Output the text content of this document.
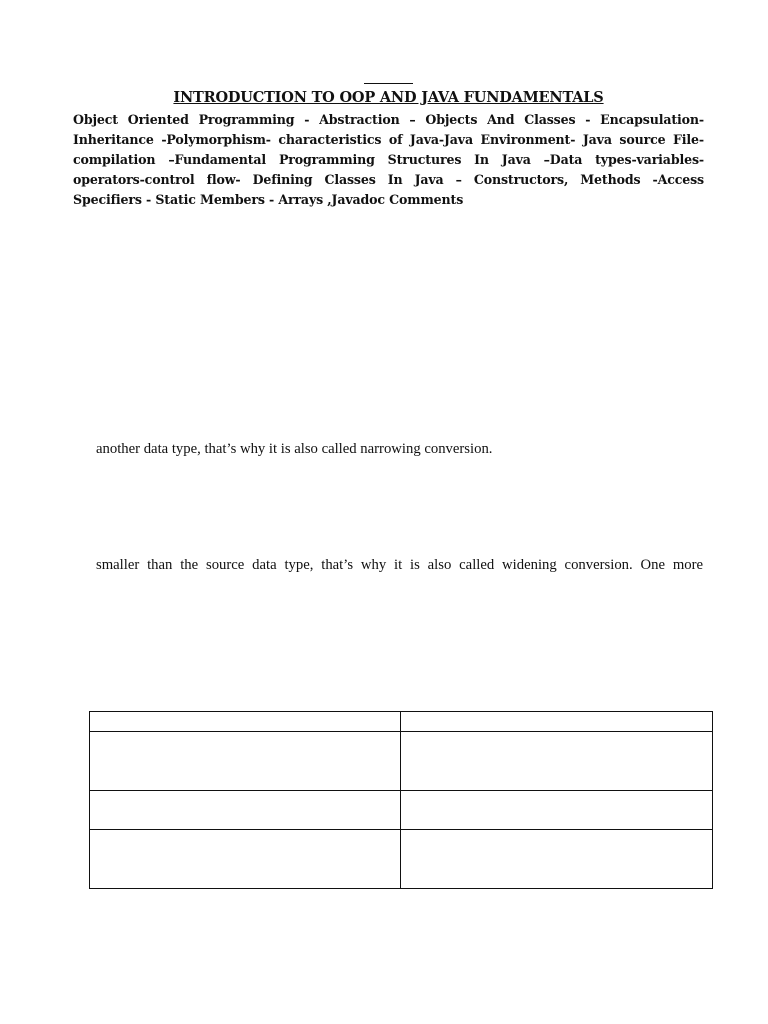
INTRODUCTION TO OOP AND JAVA FUNDAMENTALS

Object Oriented Programming - Abstraction – Objects And Classes - Encapsulation- Inheritance -Polymorphism- characteristics of Java-Java Environment- Java source File- compilation –Fundamental Programming Structures In Java –Data types-variables- operators-control flow- Defining Classes In Java – Constructors, Methods -Access Specifiers - Static Members - Arrays ,Javadoc Comments

another data type, that’s why it is also called narrowing conversion.

smaller than the source data type, that’s why it is also called widening conversion. One more
